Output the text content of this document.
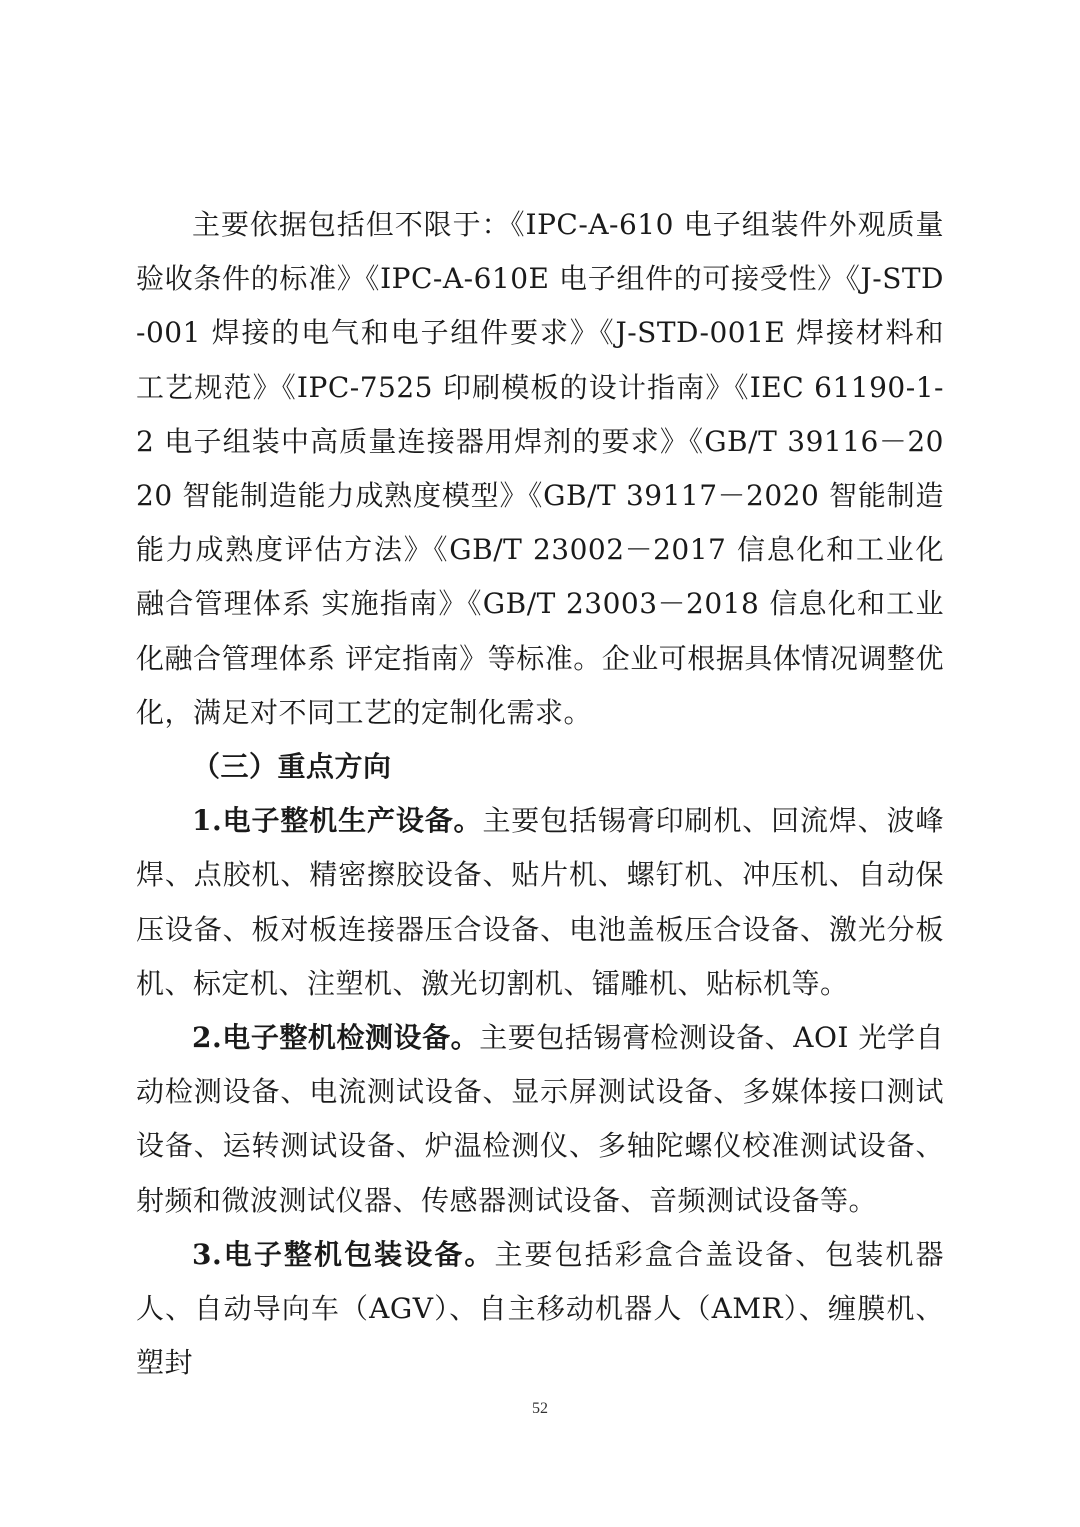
主要依据包括但不限于：《IPC-A-610 电子组装件外观质量验收条件的标准》《IPC-A-610E 电子组件的可接受性》《J-STD-001 焊接的电气和电子组件要求》《J-STD-001E 焊接材料和工艺规范》《IPC-7525 印刷模板的设计指南》《IEC 61190-1-2 电子组装中高质量连接器用焊剂的要求》《GB/T 39116－2020 智能制造能力成熟度模型》《GB/T 39117－2020 智能制造能力成熟度评估方法》《GB/T 23002－2017 信息化和工业化融合管理体系 实施指南》《GB/T 23003－2018 信息化和工业化融合管理体系 评定指南》等标准。企业可根据具体情况调整优化，满足对不同工艺的定制化需求。

（三）重点方向

1.电子整机生产设备。主要包括锡膏印刷机、回流焊、波峰焊、点胶机、精密擦胶设备、贴片机、螺钉机、冲压机、自动保压设备、板对板连接器压合设备、电池盖板压合设备、激光分板机、标定机、注塑机、激光切割机、镭雕机、贴标机等。

2.电子整机检测设备。主要包括锡膏检测设备、AOI 光学自动检测设备、电流测试设备、显示屏测试设备、多媒体接口测试设备、运转测试设备、炉温检测仪、多轴陀螺仪校准测试设备、射频和微波测试仪器、传感器测试设备、音频测试设备等。

3.电子整机包装设备。主要包括彩盒合盖设备、包装机器人、自动导向车（AGV）、自主移动机器人（AMR）、缠膜机、塑封

52
